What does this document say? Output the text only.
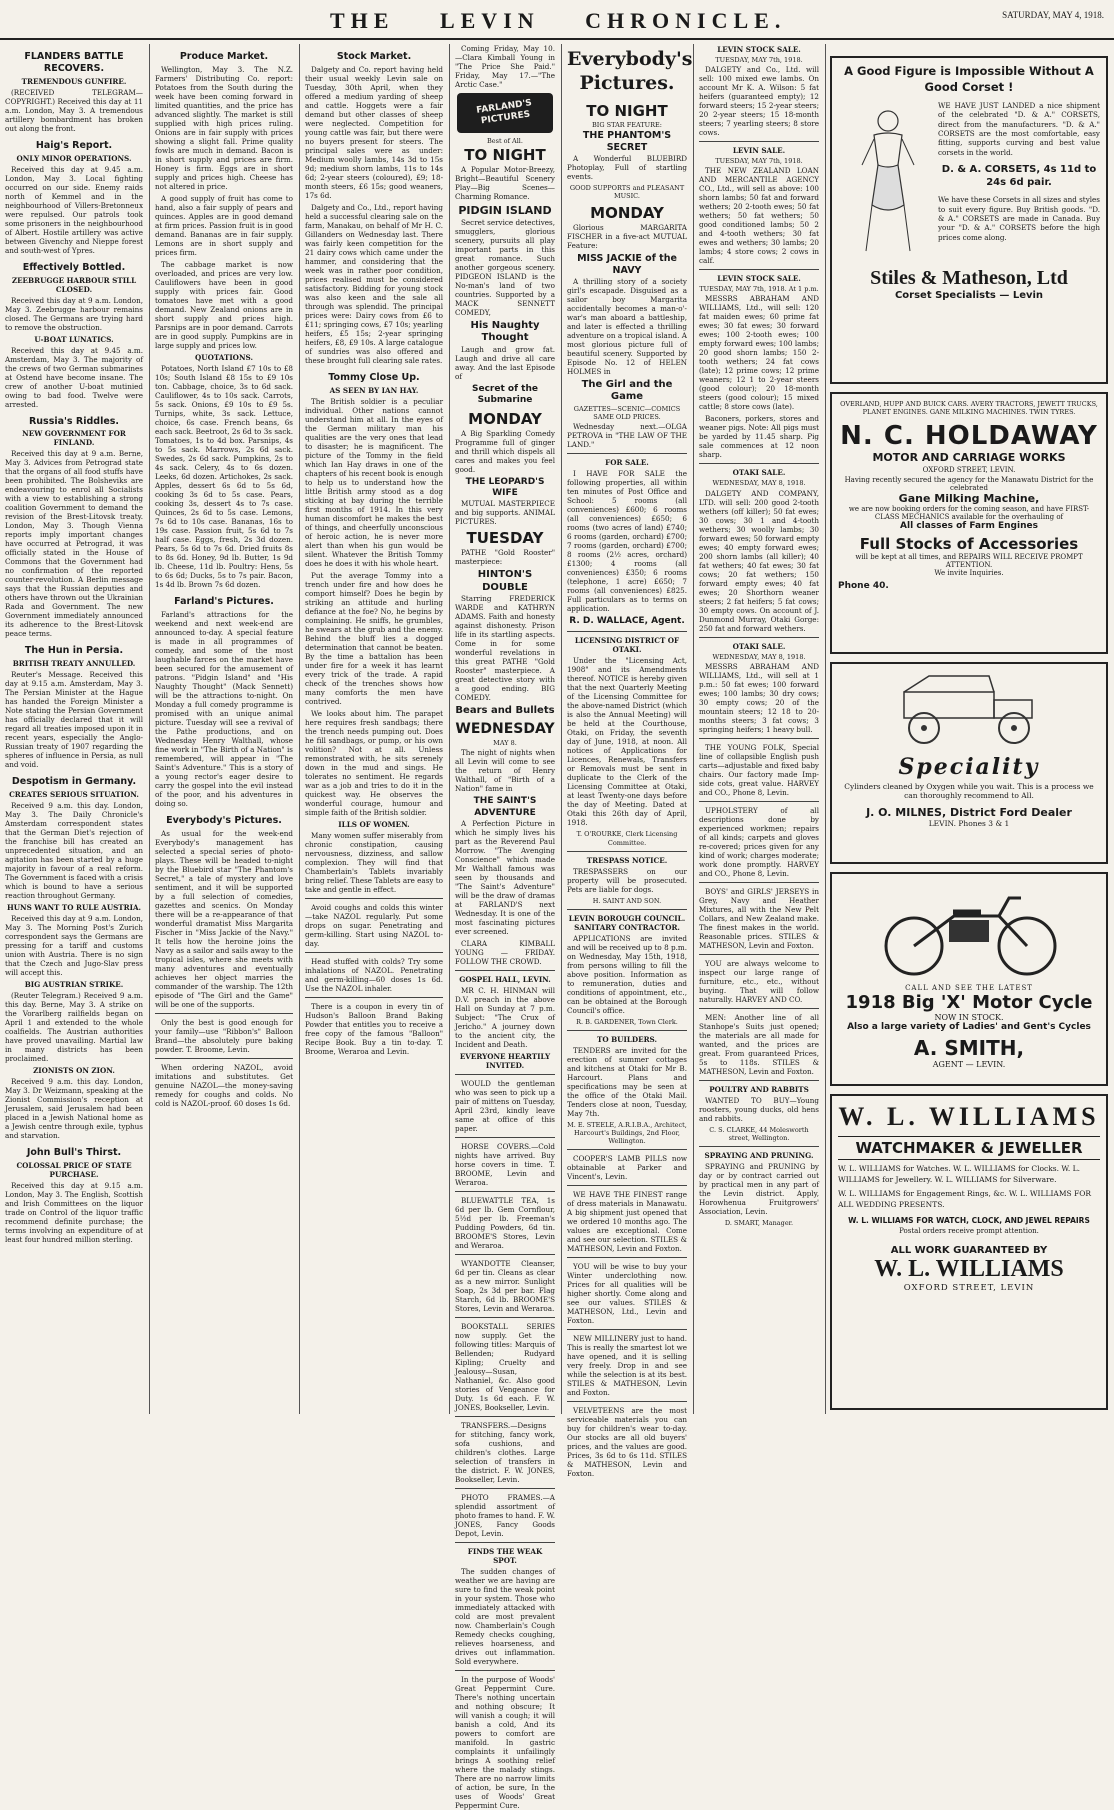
THE LEVIN CHRONICLE.	SATURDAY, MAY 4, 1918.
FLANDERS BATTLE RECOVERS.
TREMENDOUS GUNFIRE.

(RECEIVED TELEGRAM—COPYRIGHT.) Received this day at 11 a.m. London, May 3. A tremendous artillery bombardment has broken out along the front.

Haig's Report.
ONLY MINOR OPERATIONS.

Received this day at 9.45 a.m. London, May 3. Local fighting occurred on our side. Enemy raids north of Kemmel and in the neighbourhood of Villers-Bretonneux were repulsed. Our patrols took some prisoners in the neighbourhood of Albert. Hostile artillery was active between Givenchy and Nieppe forest and south-west of Ypres.

Effectively Bottled.
ZEEBRUGGE HARBOUR STILL CLOSED.

Received this day at 9 a.m. London, May 3. Zeebrugge harbour remains closed. The Germans are trying hard to remove the obstruction.

U-BOAT LUNATICS.

Received this day at 9.45 a.m. Amsterdam, May 3. The majority of the crews of two German submarines at Ostend have become insane. The crew of another U-boat mutinied owing to bad food. Twelve were arrested.

Russia's Riddles.
NEW GOVERNMENT FOR FINLAND.

Received this day at 9 a.m. Berne, May 3. Advices from Petrograd state that the organs of all food stuffs have been prohibited. The Bolsheviks are endeavouring to enrol all Socialists with a view to establishing a strong coalition Government to demand the revision of the Brest-Litovsk treaty. London, May 3. Though Vienna reports imply important changes have occurred at Petrograd, it was officially stated in the House of Commons that the Government had no confirmation of the reported counter-revolution. A Berlin message says that the Russian deputies and others have thrown out the Ukrainian Rada and Government. The new Government immediately announced its adherence to the Brest-Litovsk peace terms.

The Hun in Persia.
BRITISH TREATY ANNULLED.

Reuter's Message. Received this day at 9.15 a.m. Amsterdam, May 3. The Persian Minister at the Hague has handed the Foreign Minister a Note stating the Persian Government has officially declared that it will regard all treaties imposed upon it in recent years, especially the Anglo-Russian treaty of 1907 regarding the spheres of influence in Persia, as null and void.

Despotism in Germany.
CREATES SERIOUS SITUATION.

Received 9 a.m. this day. London, May 3. The Daily Chronicle's Amsterdam correspondent states that the German Diet's rejection of the franchise bill has created an unprecedented situation, and an agitation has been started by a huge majority in favour of a real reform. The Government is faced with a crisis which is bound to have a serious reaction throughout Germany.

HUNS WANT TO RULE AUSTRIA.

Received this day at 9 a.m. London, May 3. The Morning Post's Zurich correspondent says the Germans are pressing for a tariff and customs union with Austria. There is no sign that the Czech and Jugo-Slav press will accept this.

BIG AUSTRIAN STRIKE.

(Reuter Telegram.) Received 9 a.m. this day. Berne, May 3. A strike on the Vorarlberg railfields began on April 1 and extended to the whole coalfields. The Austrian authorities have proved unavailing. Martial law in many districts has been proclaimed.

ZIONISTS ON ZION.

Received 9 a.m. this day. London, May 3. Dr Weizmann, speaking at the Zionist Commission's reception at Jerusalem, said Jerusalem had been placed in a Jewish National home as a Jewish centre through exile, typhus and starvation.

John Bull's Thirst.
COLOSSAL PRICE OF STATE PURCHASE.

Received this day at 9.15 a.m. London, May 3. The English, Scottish and Irish Committees on the liquor trade on Control of the liquor traffic recommend definite purchase; the terms involving an expenditure of at least four hundred million sterling.

Produce Market.

Wellington, May 3. The N.Z. Farmers' Distributing Co. report: Potatoes from the South during the week have been coming forward in limited quantities, and the price has advanced slightly. The market is still supplied with high prices ruling. Onions are in fair supply with prices showing a slight fall. Prime quality fowls are much in demand. Bacon is in short supply and prices are firm. Honey is firm. Eggs are in short supply and prices high. Cheese has not altered in price.

A good supply of fruit has come to hand, also a fair supply of pears and quinces. Apples are in good demand at firm prices. Passion fruit is in good demand. Bananas are in fair supply. Lemons are in short supply and prices firm.

The cabbage market is now overloaded, and prices are very low. Cauliflowers have been in good supply with prices fair. Good tomatoes have met with a good demand. New Zealand onions are in short supply and prices high. Parsnips are in poor demand. Carrots are in good supply. Pumpkins are in large supply and prices low.

QUOTATIONS.

Potatoes, North Island £7 10s to £8 10s; South Island £8 15s to £9 10s ton. Cabbage, choice, 3s to 6d sack. Cauliflower, 4s to 10s sack. Carrots, 5s sack. Onions, £9 10s to £9 5s. Turnips, white, 3s sack. Lettuce, choice, 6s case. French beans, 6s each sack. Beetroot, 2s 6d to 3s sack. Tomatoes, 1s to 4d box. Parsnips, 4s to 5s sack. Marrows, 2s 6d sack. Swedes, 2s 6d sack. Pumpkins, 2s to 4s sack. Celery, 4s to 6s dozen. Leeks, 6d dozen. Artichokes, 2s sack. Apples, dessert 6s 6d to 5s 6d, cooking 3s 6d to 5s case. Pears, cooking 3s, dessert 4s to 7s case. Quinces, 2s 6d to 5s case. Lemons, 7s 6d to 10s case. Bananas, 16s to 19s case. Passion fruit, 5s 6d to 7s half case. Eggs, fresh, 2s 3d dozen. Pears, 5s 6d to 7s 6d. Dried fruits 8s to 8s 6d. Honey, 9d lb. Butter, 1s 9d lb. Cheese, 11d lb. Poultry: Hens, 5s to 6s 6d; Ducks, 5s to 7s pair. Bacon, 1s 4d lb. Brown 7s 6d dozen.

Farland's Pictures.

Farland's attractions for the weekend and next week-end are announced to-day. A special feature is made in all programmes of comedy, and some of the most laughable farces on the market have been secured for the amusement of patrons. "Pidgin Island" and "His Naughty Thought" (Mack Sennett) will be the attractions to-night. On Monday a full comedy programme is promised with an unique animal picture. Tuesday will see a revival of the Pathe productions, and on Wednesday Henry Walthall, whose fine work in "The Birth of a Nation" is remembered, will appear in "The Saint's Adventure." This is a story of a young rector's eager desire to carry the gospel into the evil instead of the poor, and his adventures in doing so.

Everybody's Pictures.

As usual for the week-end Everybody's management has selected a special series of photo-plays. These will be headed to-night by the Bluebird star "The Phantom's Secret," a tale of mystery and love sentiment, and it will be supported by a full selection of comedies, gazettes and scenics. On Monday there will be a re-appearance of that wonderful dramatist Miss Margarita Fischer in "Miss Jackie of the Navy." It tells how the heroine joins the Navy as a sailor and sails away to the tropical isles, where she meets with many adventures and eventually achieves her object marries the commander of the warship. The 12th episode of "The Girl and the Game" will be one of the supports.

Only the best is good enough for your family—use "Ribbon's" Balloon Brand—the absolutely pure baking powder. T. Broome, Levin.

When ordering NAZOL, avoid imitations and substitutes. Get genuine NAZOL—the money-saving remedy for coughs and colds. No cold is NAZOL-proof. 60 doses 1s 6d.

Stock Market.

Dalgety and Co. report having held their usual weekly Levin sale on Tuesday, 30th April, when they offered a medium yarding of sheep and cattle. Hoggets were a fair demand but other classes of sheep were neglected. Competition for young cattle was fair, but there were no buyers present for steers. The principal sales were as under: Medium woolly lambs, 14s 3d to 15s 9d; medium shorn lambs, 11s to 14s 6d; 2-year steers (coloured), £9; 18-month steers, £6 15s; good weaners, 17s 6d.

Dalgety and Co., Ltd., report having held a successful clearing sale on the farm, Manakau, on behalf of Mr H. C. Gillanders on Wednesday last. There was fairly keen competition for the 21 dairy cows which came under the hammer, and considering that the week was in rather poor condition, prices realised must be considered satisfactory. Bidding for young stock was also keen and the sale all through was splendid. The principal prices were: Dairy cows from £6 to £11; springing cows, £7 10s; yearling heifers, £5 15s; 2-year springing heifers, £8, £9 10s. A large catalogue of sundries was also offered and these brought full clearing sale rates.

Tommy Close Up.
AS SEEN BY IAN HAY.

The British soldier is a peculiar individual. Other nations cannot understand him at all. In the eyes of the German military man his qualities are the very ones that lead to disaster; he is magnificent. The picture of the Tommy in the field which Ian Hay draws in one of the chapters of his recent book is enough to help us to understand how the little British army stood as a dog sticking at bay during the terrible first months of 1914. In this very human discomfort he makes the best of things, and cheerfully unconscious of heroic action, he is never more alert than when his gun would be silent. Whatever the British Tommy does he does it with his whole heart.

Put the average Tommy into a trench under fire and how does he comport himself? Does he begin by striking an attitude and hurling defiance at the foe? No, he begins by complaining. He sniffs, he grumbles, he swears at the grub and the enemy. Behind the bluff lies a dogged determination that cannot be beaten. By the time a battalion has been under fire for a week it has learnt every trick of the trade. A rapid check of the trenches shows how many comforts the men have contrived.

We looks about him. The parapet here requires fresh sandbags; there the trench needs pumping out. Does he fill sandbags, or pump, or his own volition? Not at all. Unless remonstrated with, he sits serenely down in the mud and sings. He tolerates no sentiment. He regards war as a job and tries to do it in the quickest way. He observes the wonderful courage, humour and simple faith of the British soldier.

ILLS OF WOMEN.

Many women suffer miserably from chronic constipation, causing nervousness, dizziness, and sallow complexion. They will find that Chamberlain's Tablets invariably bring relief. These Tablets are easy to take and gentle in effect.

Avoid coughs and colds this winter—take NAZOL regularly. Put some drops on sugar. Penetrating and germ-killing. Start using NAZOL to-day.

Head stuffed with colds? Try some inhalations of NAZOL. Penetrating and germ-killing—60 doses 1s 6d. Use the NAZOL inhaler.

There is a coupon in every tin of Hudson's Balloon Brand Baking Powder that entitles you to receive a free copy of the famous "Balloon" Recipe Book. Buy a tin to-day. T. Broome, Weraroa and Levin.

Coming Friday, May 10.—Clara Kimball Young in "The Price She Paid." Friday, May 17.—"The Arctic Case."

FARLAND'S PICTURES
Best of All.
TO NIGHT

A Popular Motor-Breezy, Bright—Beautiful Scenery Play—Big Scenes—Charming Romance.

PIDGIN ISLAND

Secret service detectives, smugglers, glorious scenery, pursuits all play important parts in this great romance. Such another gorgeous scenery. PIDGEON ISLAND is the No-man's land of two countries. Supported by a MACK SENNETT COMEDY,

His Naughty Thought

Laugh and grow fat. Laugh and drive all care away. And the last Episode of

Secret of the Submarine
MONDAY

A Big Sparkling Comedy Programme full of ginger and thrill which dispels all cares and makes you feel good.

THE LEOPARD'S WIFE

MUTUAL MASTERPIECE and big supports. ANIMAL PICTURES.

TUESDAY

PATHE "Gold Rooster" masterpiece:

HINTON'S DOUBLE

Starring FREDERICK WARDE and KATHRYN ADAMS. Faith and honesty against dishonesty. Prison life in its startling aspects. Come in for some wonderful revelations in this great PATHE "Gold Rooster" masterpiece. A great detective story with a good ending. BIG COMEDY.

Bears and Bullets
WEDNESDAY
MAY 8.

The night of nights when all Levin will come to see the return of Henry Walthall, of "Birth of a Nation" fame in

THE SAINT'S ADVENTURE

A Perfection Picture in which he simply lives his part as the Reverend Paul Morrow. "The Avenging Conscience" which made Mr Walthall famous was seen by thousands and "The Saint's Adventure" will be the draw of dramas at FARLAND'S next Wednesday. It is one of the most fascinating pictures ever screened.

CLARA KIMBALL YOUNG — FRIDAY. FOLLOW THE CROWD.

GOSPEL HALL, LEVIN.

MR C. H. HINMAN will D.V. preach in the above Hall on Sunday at 7 p.m. Subject: "The Crux of Jericho." A journey down to the ancient city, the Incident and Death.

EVERYONE HEARTILY INVITED.

WOULD the gentleman who was seen to pick up a pair of mittens on Tuesday, April 23rd, kindly leave same at office of this paper.

HORSE COVERS.—Cold nights have arrived. Buy horse covers in time. T. BROOME, Levin and Weraroa.

BLUEWATTLE TEA, 1s 6d per lb. Gem Cornflour, 5½d per lb. Freeman's Pudding Powders, 6d tin. BROOME'S Stores, Levin and Weraroa.

WYANDOTTE Cleanser, 6d per tin. Cleans as clear as a new mirror. Sunlight Soap, 2s 3d per bar. Flag Starch, 6d lb. BROOME'S Stores, Levin and Weraroa.

BOOKSTALL SERIES now supply. Get the following titles: Marquis of Bellenden; Rudyard Kipling; Cruelty and Jealousy—Susan, Nathaniel, &c. Also good stories of Vengeance for Duty. 1s 6d each. F. W. JONES, Bookseller, Levin.

TRANSFERS.—Designs for stitching, fancy work, sofa cushions, and children's clothes. Large selection of transfers in the district. F. W. JONES, Bookseller, Levin.

PHOTO FRAMES.—A splendid assortment of photo frames to hand. F. W. JONES, Fancy Goods Depot, Levin.

FINDS THE WEAK SPOT.

The sudden changes of weather we are having are sure to find the weak point in your system. Those who immediately attacked with cold are most prevalent now. Chamberlain's Cough Remedy checks coughing, relieves hoarseness, and drives out inflammation. Sold everywhere.

In the purpose of Woods' Great Peppermint Cure. There's nothing uncertain and nothing obscure; It will vanish a cough; it will banish a cold, And its powers to comfort are manifold. In gastric complaints it unfailingly brings A soothing relief where the malady stings. There are no narrow limits of action, be sure, In the uses of Woods' Great Peppermint Cure.

Everybody's
Pictures.
TO NIGHT
BIG STAR FEATURE:
THE PHANTOM'S SECRET

A Wonderful BLUEBIRD Photoplay, Full of startling events.

GOOD SUPPORTS and PLEASANT MUSIC.
MONDAY

Glorious MARGARITA FISCHER in a five-act MUTUAL Feature:

MISS JACKIE of the NAVY

A thrilling story of a society girl's escapade. Disguised as a sailor boy Margarita accidentally becomes a man-o'-war's man aboard a battleship, and later is effected a thrilling adventure on a tropical island. A most glorious picture full of beautiful scenery. Supported by Episode No. 12 of HELEN HOLMES in

The Girl and the Game
GAZETTES—SCENIC—COMICS SAME OLD PRICES.

Wednesday next.—OLGA PETROVA in "THE LAW OF THE LAND."

FOR SALE.

I HAVE FOR SALE the following properties, all within ten minutes of Post Office and School: 5 rooms (all conveniences) £600; 6 rooms (all conveniences) £650; 6 rooms (two acres of land) £740; 6 rooms (garden, orchard) £700; 7 rooms (garden, orchard) £700; 8 rooms (2½ acres, orchard) £1300; 4 rooms (all conveniences) £350; 6 rooms (telephone, 1 acre) £650; 7 rooms (all conveniences) £825. Full particulars as to terms on application.

R. D. WALLACE, Agent.
LICENSING DISTRICT OF OTAKI.

Under the "Licensing Act, 1908" and its Amendments thereof. NOTICE is hereby given that the next Quarterly Meeting of the Licensing Committee for the above-named District (which is also the Annual Meeting) will be held at the Courthouse, Otaki, on Friday, the seventh day of June, 1918, at noon. All notices of Applications for Licences, Renewals, Transfers or Removals must be sent in duplicate to the Clerk of the Licensing Committee at Otaki, at least Twenty-one days before the day of Meeting. Dated at Otaki this 26th day of April, 1918.

T. O'ROURKE, Clerk Licensing Committee.
TRESPASS NOTICE.

TRESPASSERS on our property will be prosecuted. Pets are liable for dogs.

H. SAINT AND SON.
LEVIN BOROUGH COUNCIL. SANITARY CONTRACTOR.

APPLICATIONS are invited and will be received up to 8 p.m. on Wednesday, May 15th, 1918, from persons willing to fill the above position. Information as to remuneration, duties and conditions of appointment, etc., can be obtained at the Borough Council's office.

R. B. GARDENER, Town Clerk.
TO BUILDERS.

TENDERS are invited for the erection of summer cottages and kitchens at Otaki for Mr B. Harcourt. Plans and specifications may be seen at the office of the Otaki Mail. Tenders close at noon, Tuesday, May 7th.

M. E. STEELE, A.R.I.B.A., Architect, Harcourt's Buildings, 2nd Floor, Wellington.

COOPER'S LAMB PILLS now obtainable at Parker and Vincent's, Levin.

WE HAVE THE FINEST range of dress materials in Manawatu. A big shipment just opened that we ordered 10 months ago. The values are exceptional. Come and see our selection. STILES & MATHESON, Levin and Foxton.

YOU will be wise to buy your Winter underclothing now. Prices for all qualities will be higher shortly. Come along and see our values. STILES & MATHESON, Ltd., Levin and Foxton.

NEW MILLINERY just to hand. This is really the smartest lot we have opened, and it is selling very freely. Drop in and see while the selection is at its best. STILES & MATHESON, Levin and Foxton.

VELVETEENS are the most serviceable materials you can buy for children's wear to-day. Our stocks are all old buyers' prices, and the values are good. Prices, 3s 6d to 6s 11d. STILES & MATHESON, Levin and Foxton.

LEVIN STOCK SALE.
TUESDAY, MAY 7th, 1918.

DALGETY and Co., Ltd. will sell: 100 mixed ewe lambs. On account Mr K. A. Wilson: 5 fat heifers (guaranteed empty); 12 forward steers; 15 2-year steers; 20 2-year steers; 15 18-month steers; 7 yearling steers; 8 store cows.

LEVIN SALE.
TUESDAY, MAY 7th, 1918.

THE NEW ZEALAND LOAN AND MERCANTILE AGENCY CO., Ltd., will sell as above: 100 shorn lambs; 50 fat and forward wethers; 20 2-tooth ewes; 50 fat wethers; 50 fat wethers; 50 good conditioned lambs; 50 2 and 4-tooth wethers; 30 fat ewes and wethers; 30 lambs; 20 lambs; 4 store cows; 2 cows in calf.

LEVIN STOCK SALE.
TUESDAY, MAY 7th, 1918. At 1 p.m.

MESSRS ABRAHAM AND WILLIAMS, Ltd., will sell: 120 fat maiden ewes; 60 prime fat ewes; 30 fat ewes; 30 forward ewes; 100 2-tooth ewes; 100 empty forward ewes; 100 lambs; 20 good shorn lambs; 150 2-tooth wethers; 24 fat cows (late); 12 prime cows; 12 prime weaners; 12 1 to 2-year steers (good colour); 20 18-month steers (good colour); 15 mixed cattle; 8 store cows (late).

Baconers, porkers, stores and weaner pigs. Note: All pigs must be yarded by 11.45 sharp. Pig sale commences at 12 noon sharp.

OTAKI SALE.
WEDNESDAY, MAY 8, 1918.

DALGETY AND COMPANY, LTD. will sell: 200 good 2-tooth wethers (off killer); 50 fat ewes; 30 cows; 30 1 and 4-tooth wethers; 30 woolly lambs; 30 forward ewes; 50 forward empty ewes; 40 empty forward ewes; 200 shorn lambs (all killer); 40 fat wethers; 40 fat ewes; 30 fat cows; 20 fat wethers; 150 forward empty ewes; 40 fat ewes; 20 Shorthorn weaner steers; 2 fat heifers; 5 fat cows; 30 empty cows. On account of J. Dunmond Murray, Otaki Gorge: 250 fat and forward wethers.

OTAKI SALE.
WEDNESDAY, MAY 8, 1918.

MESSRS ABRAHAM AND WILLIAMS, Ltd., will sell at 1 p.m.: 50 fat ewes; 100 forward ewes; 100 lambs; 30 dry cows; 30 empty cows; 20 of the mountain steers; 12 18 to 20-months steers; 3 fat cows; 3 springing heifers; 1 heavy bull.

THE YOUNG FOLK, Special line of collapsible English push carts—adjustable and fixed baby chairs. Our factory made Imp-side cots, great value. HARVEY and CO., Phone 8, Levin.

UPHOLSTERY of all descriptions done by experienced workmen; repairs of all kinds; carpets and gloves re-covered; prices given for any kind of work; charges moderate; work done promptly. HARVEY and CO., Phone 8, Levin.

BOYS' and GIRLS' JERSEYS in Grey, Navy and Heather Mixtures, all with the New Pelt Collars, and New Zealand make. The finest makes in the world. Reasonable prices. STILES & MATHESON, Levin and Foxton.

YOU are always welcome to inspect our large range of furniture, etc., etc., without buying. That will follow naturally. HARVEY AND CO.

MEN: Another line of all Stanhope's Suits just opened; the materials are all made for wanted, and the prices are great. From guaranteed Prices, 5s to 118s. STILES & MATHESON, Levin and Foxton.

POULTRY AND RABBITS

WANTED TO BUY—Young roosters, young ducks, old hens and rabbits.

C. S. CLARKE, 44 Molesworth street, Wellington.
SPRAYING AND PRUNING.

SPRAYING and PRUNING by day or by contract carried out by practical men in any part of the Levin district. Apply, Horowhenua Fruitgrowers' Association, Levin.

D. SMART, Manager.
A Good Figure is Impossible Without A Good Corset !
WE HAVE JUST LANDED a nice shipment of the celebrated "D. & A." CORSETS, direct from the manufacturers. "D. & A." CORSETS are the most comfortable, easy fitting, supports curving and best value corsets in the world.
D. & A. CORSETS, 4s 11d to 24s 6d pair.
We have these Corsets in all sizes and styles to suit every figure. Buy British goods. "D. & A." CORSETS are made in Canada. Buy your "D. & A." CORSETS before the high prices come along.
Stiles & Matheson, Ltd
Corset Specialists — Levin
OVERLAND, HUPP AND BUICK CARS. AVERY TRACTORS, JEWETT TRUCKS, PLANET ENGINES. GANE MILKING MACHINES. TWIN TYRES.
N. C. HOLDAWAY
MOTOR AND CARRIAGE WORKS
OXFORD STREET, LEVIN.
Having recently secured the agency for the Manawatu District for the celebrated
Gane Milking Machine,
we are now booking orders for the coming season, and have FIRST-CLASS MECHANICS available for the overhauling of
All classes of Farm Engines
Full Stocks of Accessories
will be kept at all times, and REPAIRS WILL RECEIVE PROMPT ATTENTION.
We invite Inquiries.
Phone 40.
Speciality
Cylinders cleaned by Oxygen while you wait. This is a process we can thoroughly recommend to All.
J. O. MILNES, District Ford Dealer
LEVIN. Phones 3 & 1
CALL AND SEE THE LATEST
1918 Big 'X' Motor Cycle
NOW IN STOCK.
Also a large variety of Ladies' and Gent's Cycles
A. SMITH,
AGENT — LEVIN.
W. L. WILLIAMS
WATCHMAKER & JEWELLER
W. L. WILLIAMS for Watches. W. L. WILLIAMS for Clocks. W. L. WILLIAMS for Jewellery. W. L. WILLIAMS for Silverware.
W. L. WILLIAMS for Engagement Rings, &c. W. L. WILLIAMS FOR ALL WEDDING PRESENTS.
W. L. WILLIAMS FOR WATCH, CLOCK, AND JEWEL REPAIRS
Postal orders receive prompt attention.
ALL WORK GUARANTEED BY
W. L. WILLIAMS
OXFORD STREET, LEVIN
